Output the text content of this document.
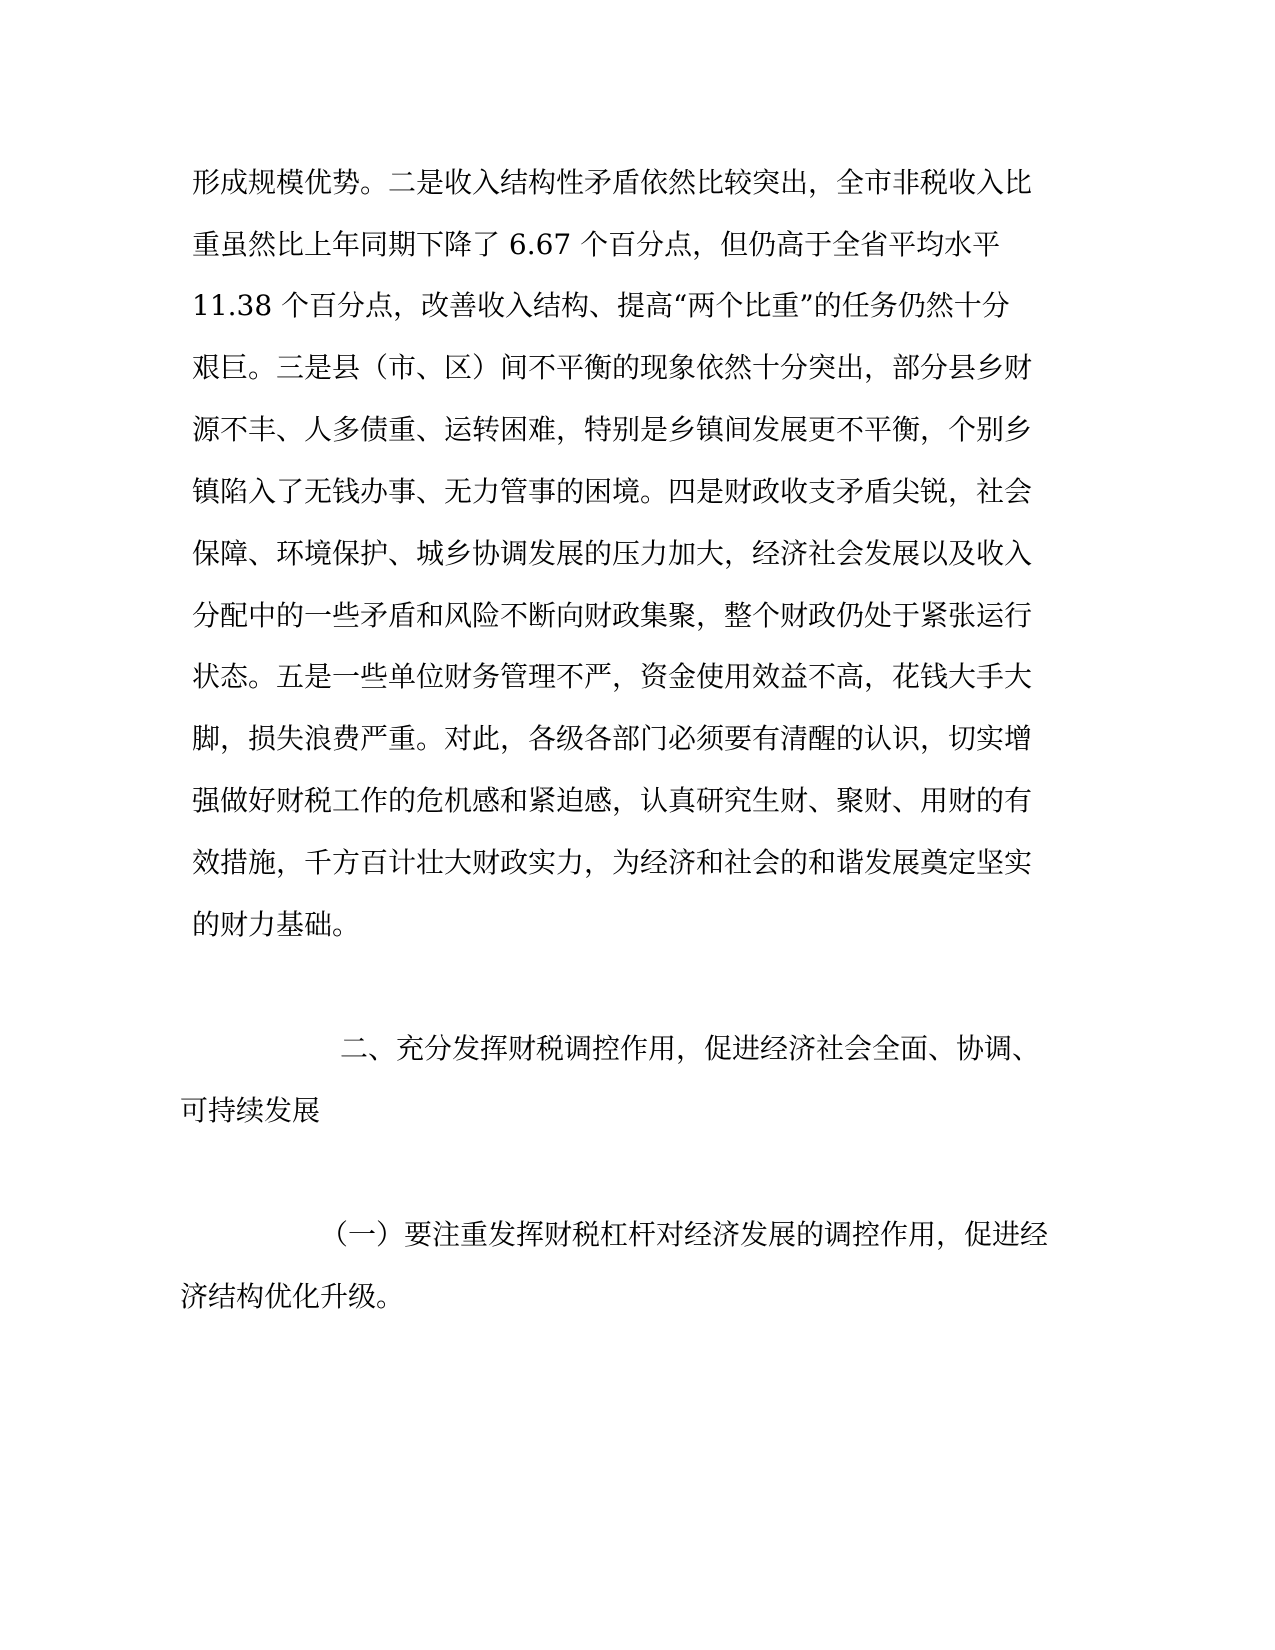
形成规模优势。二是收入结构性矛盾依然比较突出，全市非税收入比
重虽然比上年同期下降了 6.67 个百分点，但仍高于全省平均水平
11.38 个百分点，改善收入结构、提高“两个比重”的任务仍然十分
艰巨。三是县（市、区）间不平衡的现象依然十分突出，部分县乡财
源不丰、人多债重、运转困难，特别是乡镇间发展更不平衡，个别乡
镇陷入了无钱办事、无力管事的困境。四是财政收支矛盾尖锐，社会
保障、环境保护、城乡协调发展的压力加大，经济社会发展以及收入
分配中的一些矛盾和风险不断向财政集聚，整个财政仍处于紧张运行
状态。五是一些单位财务管理不严，资金使用效益不高，花钱大手大
脚，损失浪费严重。对此，各级各部门必须要有清醒的认识，切实增
强做好财税工作的危机感和紧迫感，认真研究生财、聚财、用财的有
效措施，千方百计壮大财政实力，为经济和社会的和谐发展奠定坚实
的财力基础。
二、充分发挥财税调控作用，促进经济社会全面、协调、
可持续发展
（一）要注重发挥财税杠杆对经济发展的调控作用，促进经
济结构优化升级。
